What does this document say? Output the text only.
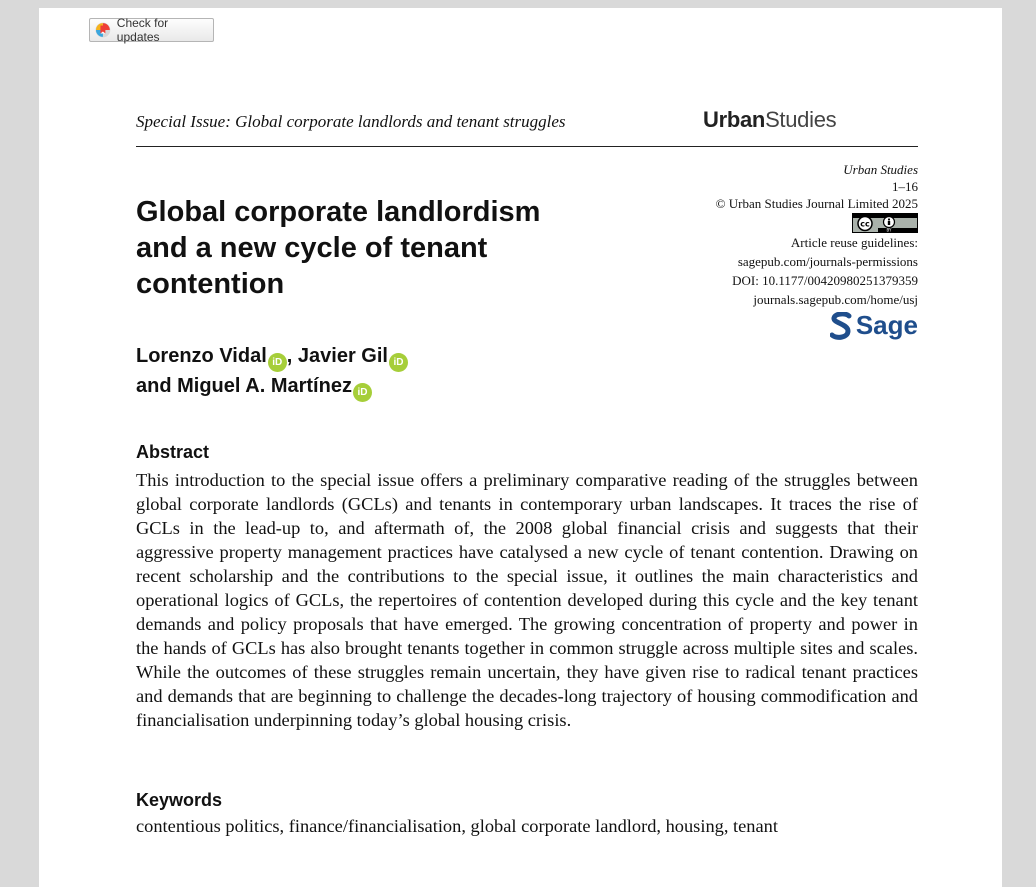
Check for updates
Special Issue: Global corporate landlords and tenant struggles	UrbanStudies
Urban Studies
1–16
© Urban Studies Journal Limited 2025
cc
BY
Article reuse guidelines:
sagepub.com/journals-permissions
DOI: 10.1177/00420980251379359
journals.sagepub.com/home/usj
Sage
Global corporate landlordism
and a new cycle of tenant
contention
Lorenzo Vidal iD , Javier Gil iD
and Miguel A. Martínez iD
Abstract

This introduction to the special issue offers a preliminary comparative reading of the struggles between global corporate landlords (GCLs) and tenants in contemporary urban landscapes. It traces the rise of GCLs in the lead-up to, and aftermath of, the 2008 global financial crisis and suggests that their aggressive property management practices have catalysed a new cycle of tenant contention. Drawing on recent scholarship and the contributions to the special issue, it outlines the main characteristics and operational logics of GCLs, the repertoires of contention developed during this cycle and the key tenant demands and policy proposals that have emerged. The growing concentration of property and power in the hands of GCLs has also brought tenants together in common struggle across multiple sites and scales. While the outcomes of these struggles remain uncertain, they have given rise to radical tenant practices and demands that are beginning to challenge the decades-long trajectory of housing commodification and financialisation underpinning today’s global housing crisis.

Keywords
contentious politics, finance/financialisation, global corporate landlord, housing, tenant
